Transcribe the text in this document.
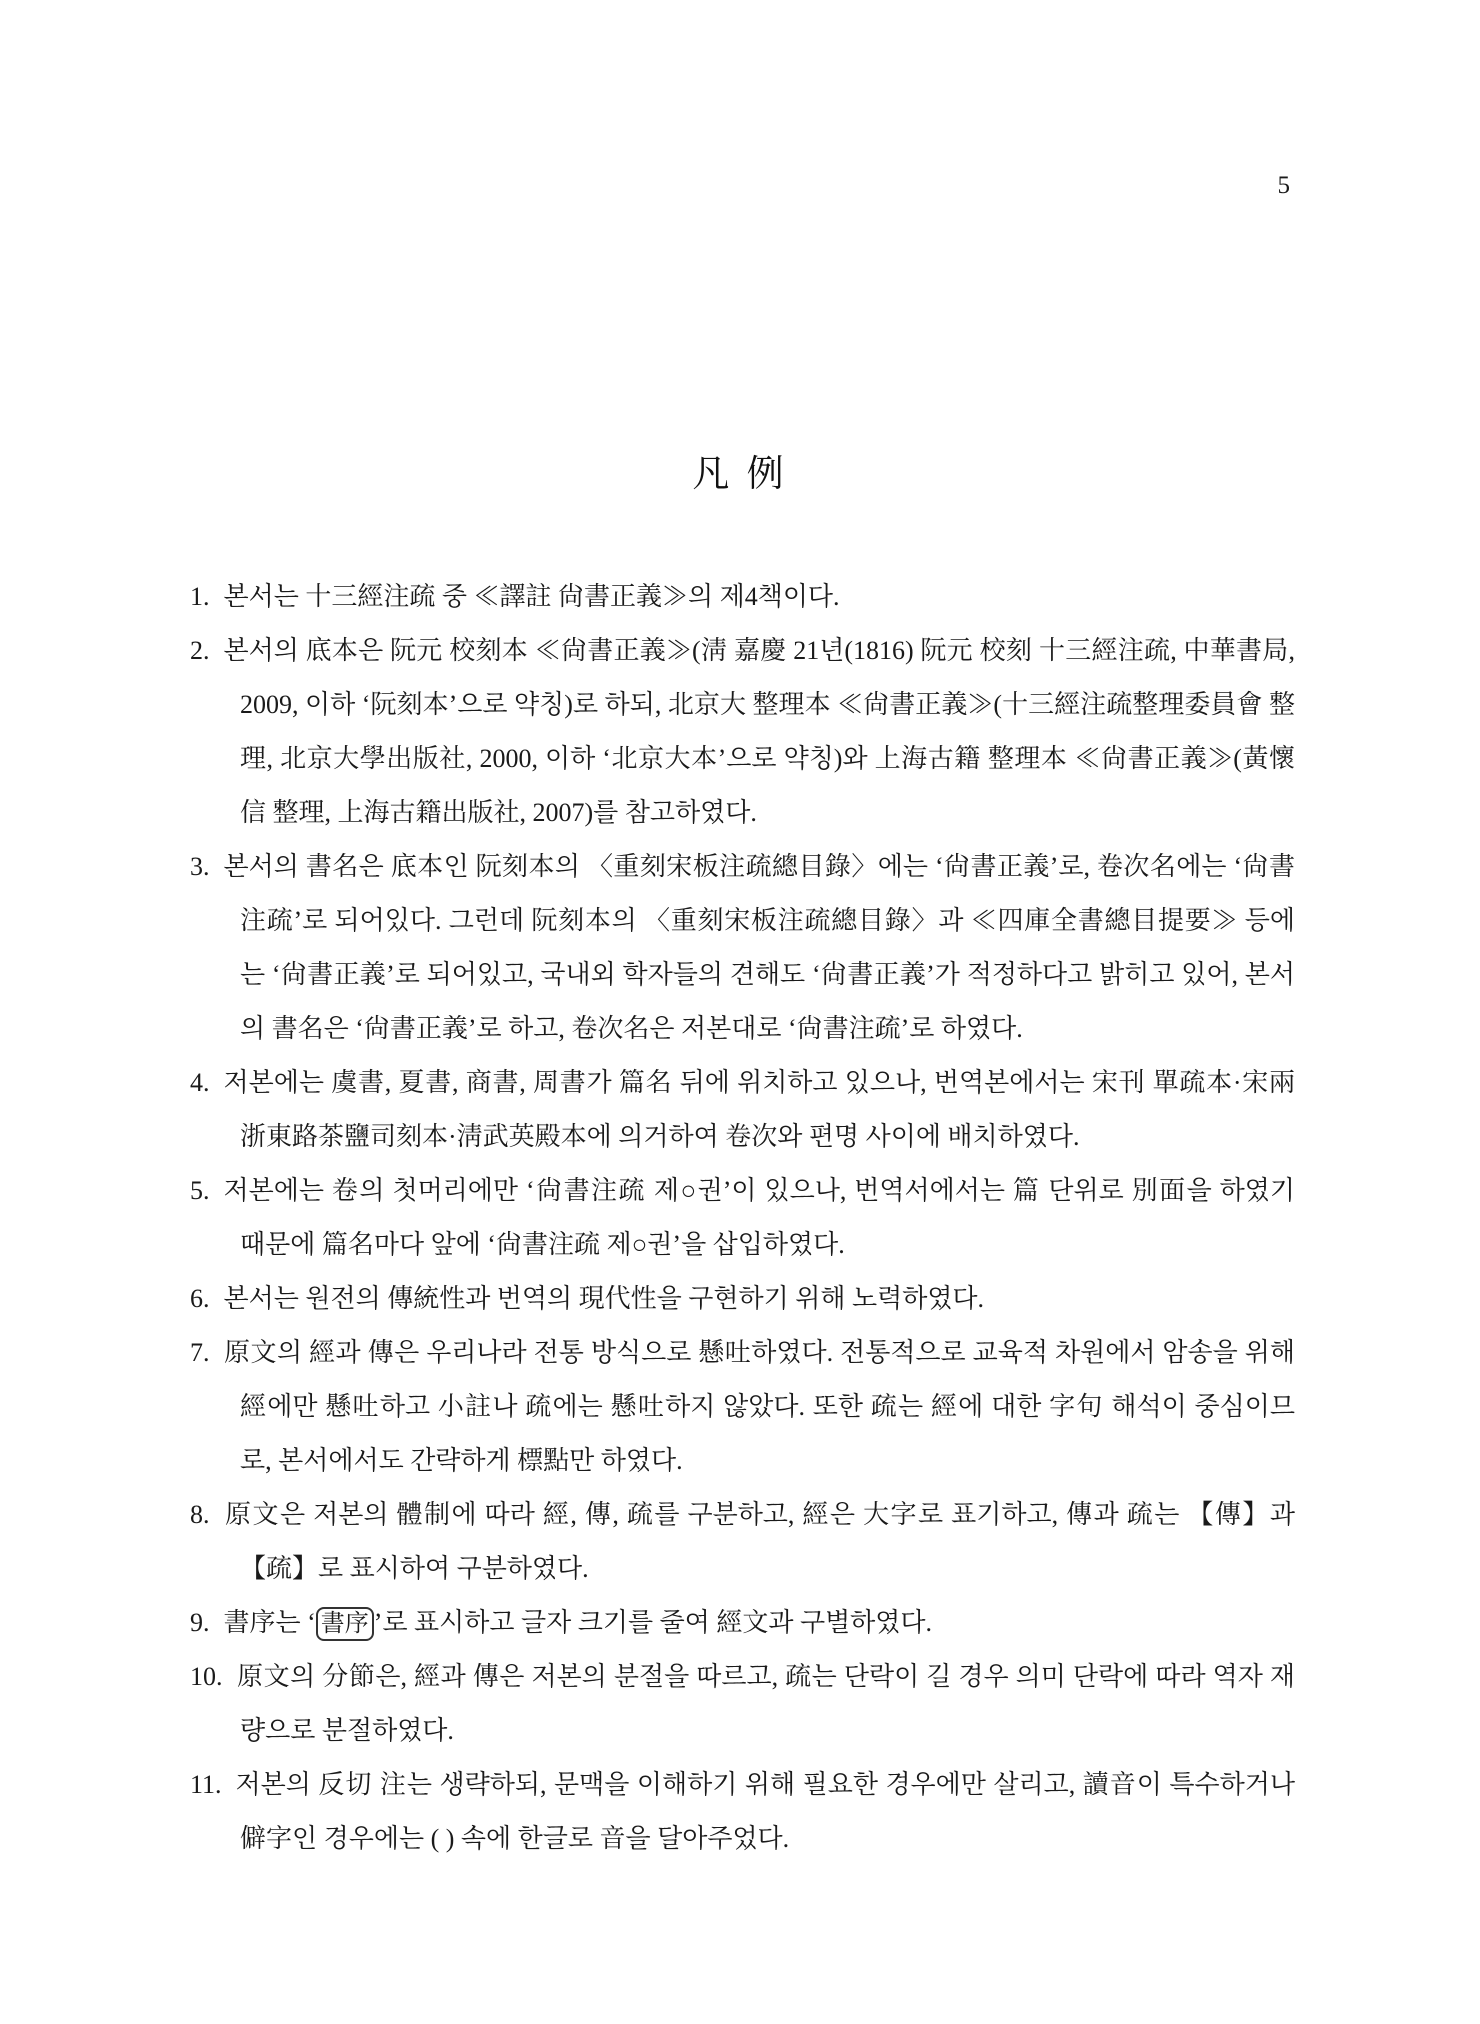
5
凡 例
1. 본서는 十三經注疏 중 ≪譯註 尙書正義≫의 제4책이다.
2. 본서의 底本은 阮元 校刻本 ≪尙書正義≫(淸 嘉慶 21년(1816) 阮元 校刻 十三經注疏, 中華書局, 2009, 이하 ‘阮刻本’으로 약칭)로 하되, 北京大 整理本 ≪尙書正義≫(十三經注疏整理委員會 整理, 北京大學出版社, 2000, 이하 ‘北京大本’으로 약칭)와 上海古籍 整理本 ≪尙書正義≫(黃懷信 整理, 上海古籍出版社, 2007)를 참고하였다.
3. 본서의 書名은 底本인 阮刻本의 〈重刻宋板注疏總目錄〉에는 ‘尙書正義’로, 卷次名에는 ‘尙書注疏’로 되어있다. 그런데 阮刻本의 〈重刻宋板注疏總目錄〉과 ≪四庫全書總目提要≫ 등에는 ‘尙書正義’로 되어있고, 국내외 학자들의 견해도 ‘尙書正義’가 적정하다고 밝히고 있어, 본서의 書名은 ‘尙書正義’로 하고, 卷次名은 저본대로 ‘尙書注疏’로 하였다.
4. 저본에는 虞書, 夏書, 商書, 周書가 篇名 뒤에 위치하고 있으나, 번역본에서는 宋刊 單疏本·宋兩浙東路茶鹽司刻本·淸武英殿本에 의거하여 卷次와 편명 사이에 배치하였다.
5. 저본에는 卷의 첫머리에만 ‘尙書注疏 제○권’이 있으나, 번역서에서는 篇 단위로 別面을 하였기 때문에 篇名마다 앞에 ‘尙書注疏 제○권’을 삽입하였다.
6. 본서는 원전의 傳統性과 번역의 現代性을 구현하기 위해 노력하였다.
7. 原文의 經과 傳은 우리나라 전통 방식으로 懸吐하였다. 전통적으로 교육적 차원에서 암송을 위해 經에만 懸吐하고 小註나 疏에는 懸吐하지 않았다. 또한 疏는 經에 대한 字句 해석이 중심이므로, 본서에서도 간략하게 標點만 하였다.
8. 原文은 저본의 體制에 따라 經, 傳, 疏를 구분하고, 經은 大字로 표기하고, 傳과 疏는 【傳】과 【疏】로 표시하여 구분하였다.
9. 書序는 ‘ 書序 ’로 표시하고 글자 크기를 줄여 經文과 구별하였다.
10. 原文의 分節은, 經과 傳은 저본의 분절을 따르고, 疏는 단락이 길 경우 의미 단락에 따라 역자 재량으로 분절하였다.
11. 저본의 反切 注는 생략하되, 문맥을 이해하기 위해 필요한 경우에만 살리고, 讀音이 특수하거나 僻字인 경우에는 ( ) 속에 한글로 音을 달아주었다.
